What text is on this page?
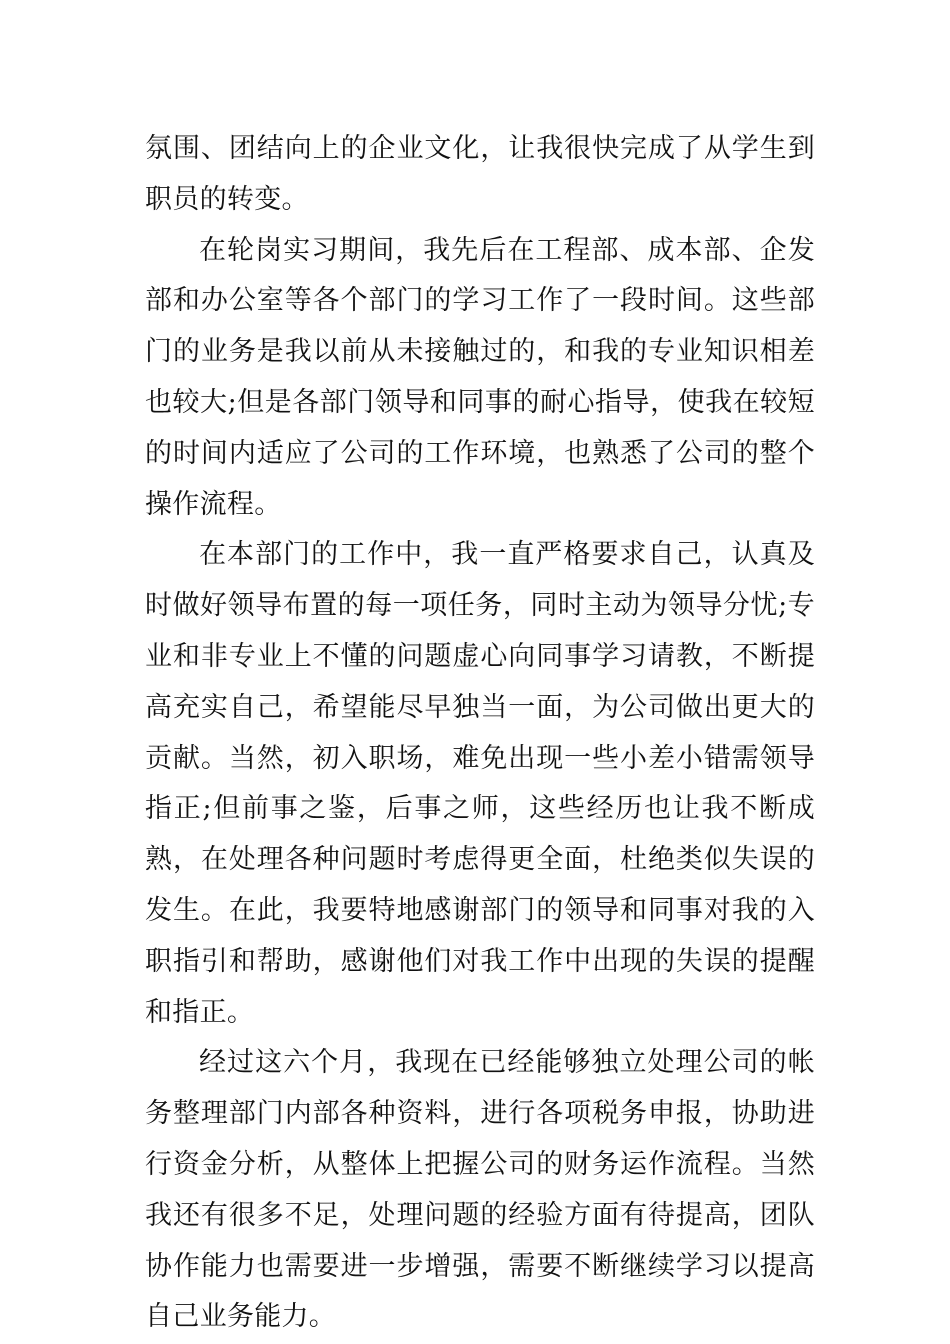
氛围、团结向上的企业文化，让我很快完成了从学生到职员的转变。

在轮岗实习期间，我先后在工程部、成本部、企发部和办公室等各个部门的学习工作了一段时间。这些部门的业务是我以前从未接触过的，和我的专业知识相差也较大;但是各部门领导和同事的耐心指导，使我在较短的时间内适应了公司的工作环境，也熟悉了公司的整个操作流程。

在本部门的工作中，我一直严格要求自己，认真及时做好领导布置的每一项任务，同时主动为领导分忧;专业和非专业上不懂的问题虚心向同事学习请教，不断提高充实自己，希望能尽早独当一面，为公司做出更大的贡献。当然，初入职场，难免出现一些小差小错需领导指正;但前事之鉴，后事之师，这些经历也让我不断成熟，在处理各种问题时考虑得更全面，杜绝类似失误的发生。在此，我要特地感谢部门的领导和同事对我的入职指引和帮助，感谢他们对我工作中出现的失误的提醒和指正。

经过这六个月，我现在已经能够独立处理公司的帐务整理部门内部各种资料，进行各项税务申报，协助进行资金分析，从整体上把握公司的财务运作流程。当然我还有很多不足，处理问题的经验方面有待提高，团队协作能力也需要进一步增强，需要不断继续学习以提高自己业务能力。
